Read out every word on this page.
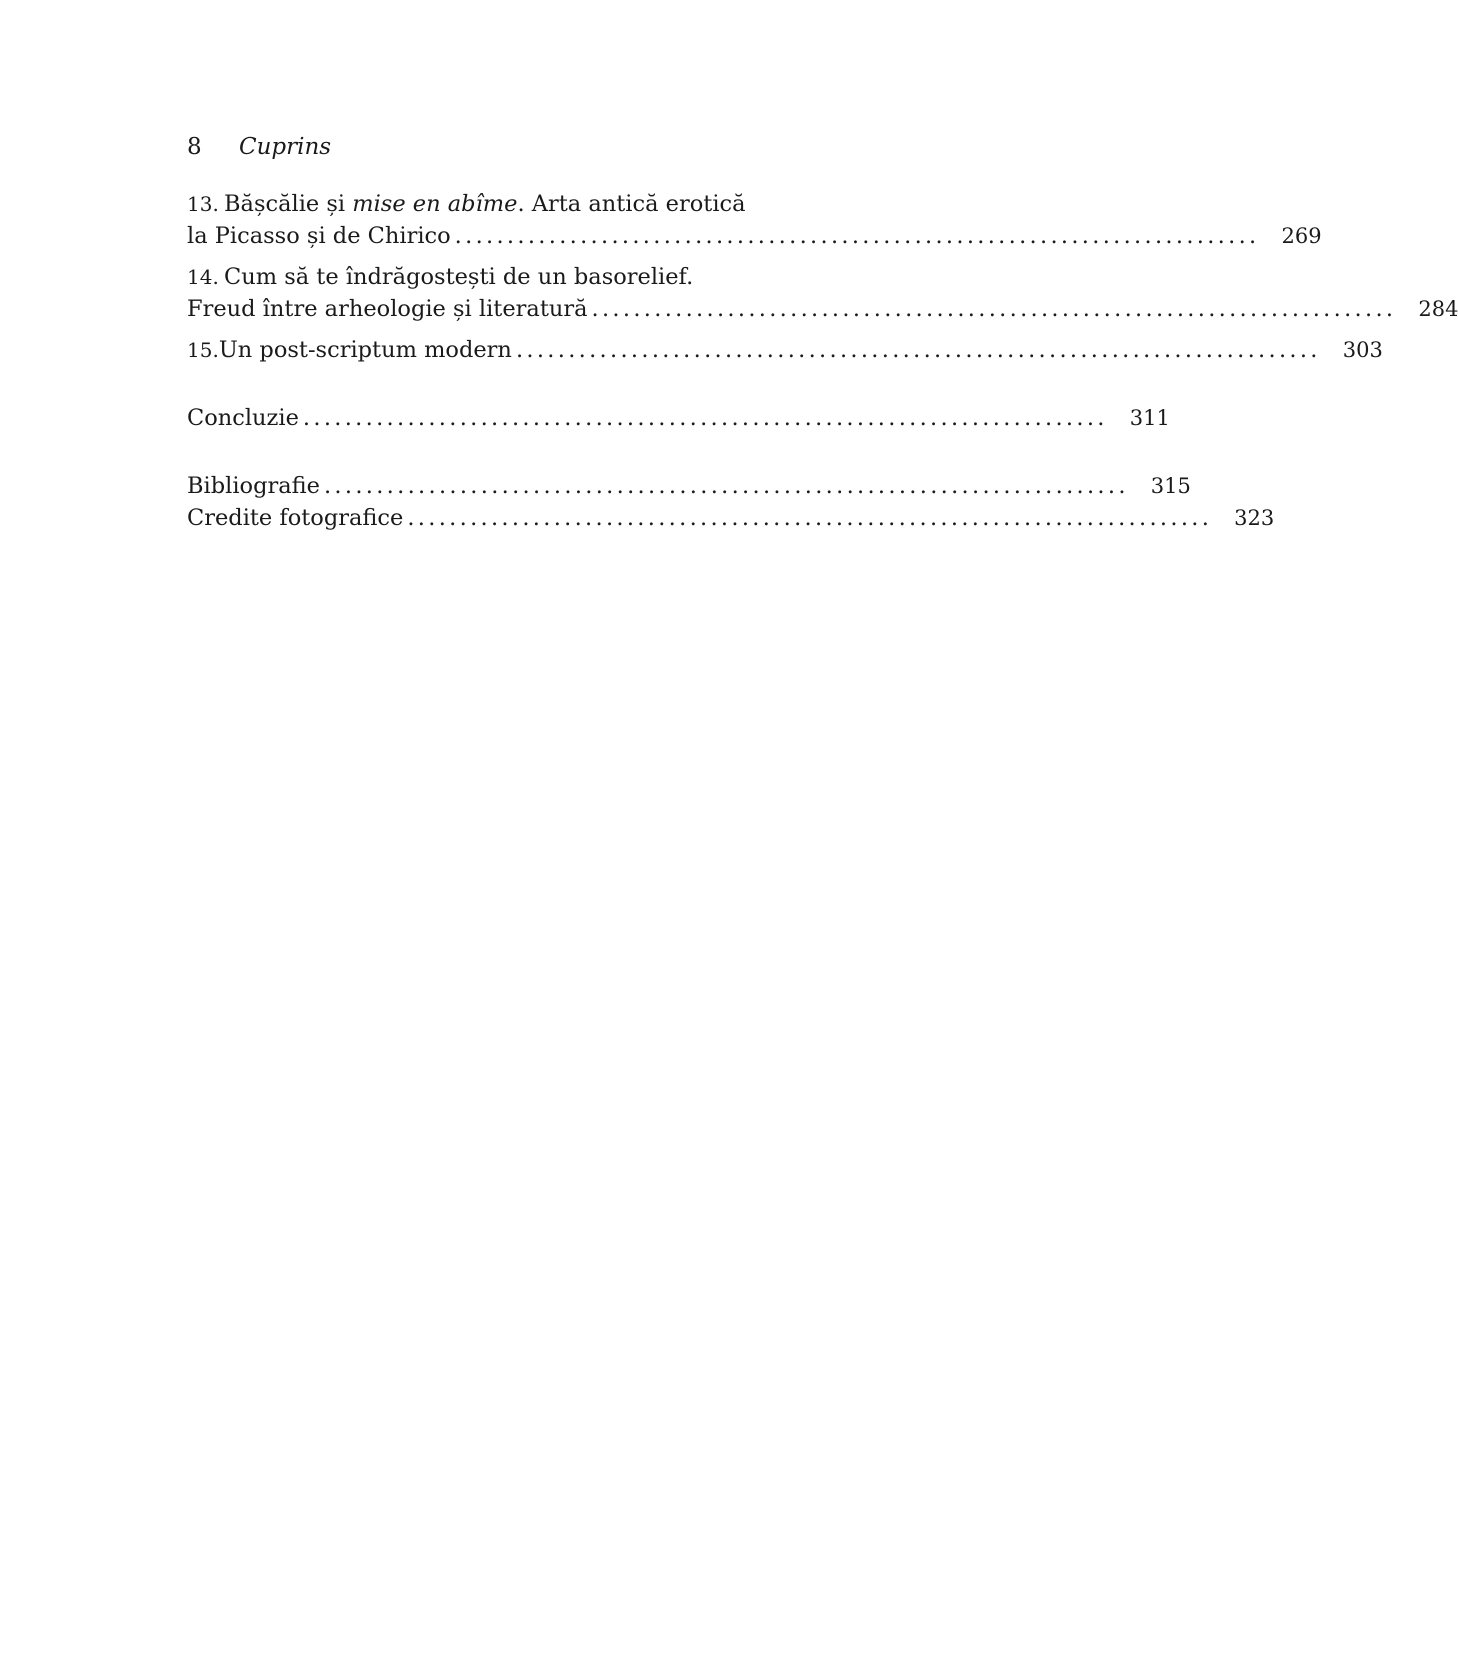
8 Cuprins
13. Bășcălie și mise en abîme. Arta antică erotică
la Picasso și de Chirico ............................................................................. 269
14. Cum să te îndrăgostești de un basorelief.
Freud între arheologie și literatură ............................................................................. 284
15. Un post-scriptum modern ............................................................................. 303
Concluzie ............................................................................. 311
Bibliografie ............................................................................. 315
Credite fotografice ............................................................................. 323
